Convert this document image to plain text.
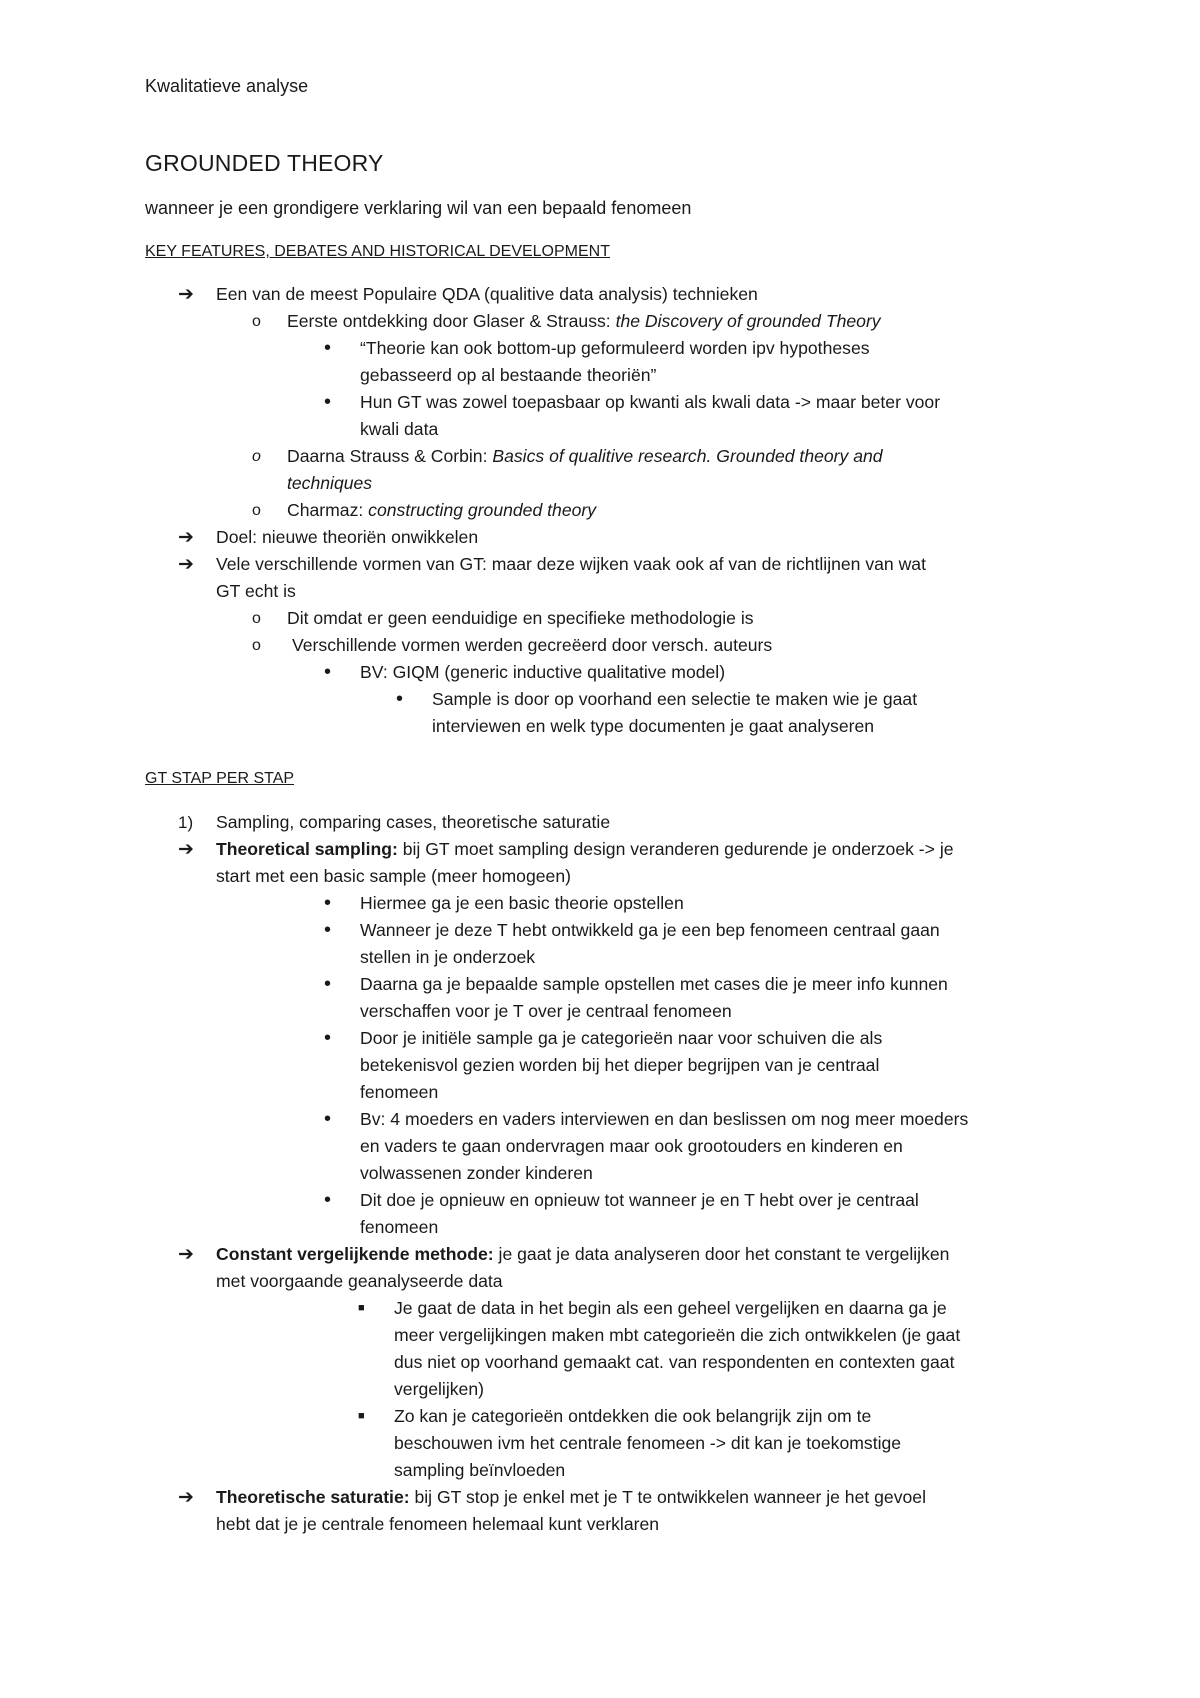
Kwalitatieve analyse
GROUNDED THEORY
wanneer je een grondigere verklaring wil van een bepaald fenomeen
KEY FEATURES, DEBATES AND HISTORICAL DEVELOPMENT
➔ Een van de meest Populaire QDA (qualitive data analysis) technieken
o Eerste ontdekking door Glaser & Strauss: the Discovery of grounded Theory
• “Theorie kan ook bottom-up geformuleerd worden ipv hypotheses
gebasseerd op al bestaande theoriën”
• Hun GT was zowel toepasbaar op kwanti als kwali data -> maar beter voor
kwali data
o Daarna Strauss & Corbin: Basics of qualitive research. Grounded theory and
techniques
o Charmaz: constructing grounded theory
➔ Doel: nieuwe theoriën onwikkelen
➔ Vele verschillende vormen van GT: maar deze wijken vaak ook af van de richtlijnen van wat
GT echt is
o Dit omdat er geen eenduidige en specifieke methodologie is
o Verschillende vormen werden gecreëerd door versch. auteurs
• BV: GIQM (generic inductive qualitative model)
• Sample is door op voorhand een selectie te maken wie je gaat
interviewen en welk type documenten je gaat analyseren
GT STAP PER STAP
1) Sampling, comparing cases, theoretische saturatie
➔ Theoretical sampling: bij GT moet sampling design veranderen gedurende je onderzoek -> je
start met een basic sample (meer homogeen)
• Hiermee ga je een basic theorie opstellen
• Wanneer je deze T hebt ontwikkeld ga je een bep fenomeen centraal gaan
stellen in je onderzoek
• Daarna ga je bepaalde sample opstellen met cases die je meer info kunnen
verschaffen voor je T over je centraal fenomeen
• Door je initiële sample ga je categorieën naar voor schuiven die als
betekenisvol gezien worden bij het dieper begrijpen van je centraal
fenomeen
• Bv: 4 moeders en vaders interviewen en dan beslissen om nog meer moeders
en vaders te gaan ondervragen maar ook grootouders en kinderen en
volwassenen zonder kinderen
• Dit doe je opnieuw en opnieuw tot wanneer je en T hebt over je centraal
fenomeen
➔ Constant vergelijkende methode: je gaat je data analyseren door het constant te vergelijken
met voorgaande geanalyseerde data
■ Je gaat de data in het begin als een geheel vergelijken en daarna ga je
meer vergelijkingen maken mbt categorieën die zich ontwikkelen (je gaat
dus niet op voorhand gemaakt cat. van respondenten en contexten gaat
vergelijken)
■ Zo kan je categorieën ontdekken die ook belangrijk zijn om te
beschouwen ivm het centrale fenomeen -> dit kan je toekomstige
sampling beïnvloeden
➔ Theoretische saturatie: bij GT stop je enkel met je T te ontwikkelen wanneer je het gevoel
hebt dat je je centrale fenomeen helemaal kunt verklaren
